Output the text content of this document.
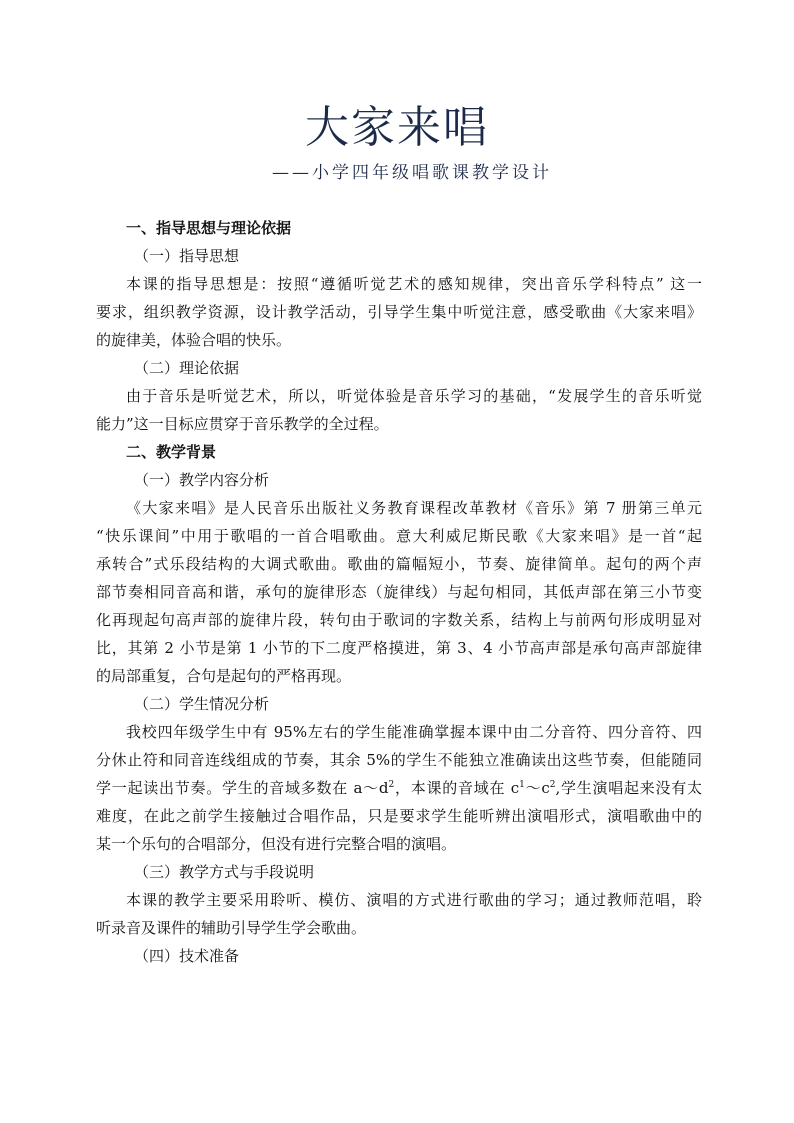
大家来唱
——小学四年级唱歌课教学设计
一、指导思想与理论依据
（一）指导思想
本课的指导思想是：按照“遵循听觉艺术的感知规律，突出音乐学科特点” 这一
要求，组织教学资源，设计教学活动，引导学生集中听觉注意，感受歌曲《大家来唱》
的旋律美，体验合唱的快乐。
（二）理论依据
由于音乐是听觉艺术，所以，听觉体验是音乐学习的基础，“发展学生的音乐听觉
能力”这一目标应贯穿于音乐教学的全过程。
二、教学背景
（一）教学内容分析
《大家来唱》是人民音乐出版社义务教育课程改革教材《音乐》第 7 册第三单元
“快乐课间”中用于歌唱的一首合唱歌曲。意大利威尼斯民歌《大家来唱》是一首“起
承转合”式乐段结构的大调式歌曲。歌曲的篇幅短小，节奏、旋律简单。起句的两个声
部节奏相同音高和谐，承句的旋律形态（旋律线）与起句相同，其低声部在第三小节变
化再现起句高声部的旋律片段，转句由于歌词的字数关系，结构上与前两句形成明显对
比，其第 2 小节是第 1 小节的下二度严格摸进，第 3、4 小节高声部是承句高声部旋律
的局部重复，合句是起句的严格再现。
（二）学生情况分析
我校四年级学生中有 95%左右的学生能准确掌握本课中由二分音符、四分音符、四
分休止符和同音连线组成的节奏，其余 5%的学生不能独立准确读出这些节奏，但能随同
学一起读出节奏。学生的音域多数在 $a\sim d^2$，本课的音域在 $c^1\sim c^2$,学生演唱起来没有太
难度，在此之前学生接触过合唱作品，只是要求学生能听辨出演唱形式，演唱歌曲中的
某一个乐句的合唱部分，但没有进行完整合唱的演唱。
（三）教学方式与手段说明
本课的教学主要采用聆听、模仿、演唱的方式进行歌曲的学习；通过教师范唱，聆
听录音及课件的辅助引导学生学会歌曲。
（四）技术准备
